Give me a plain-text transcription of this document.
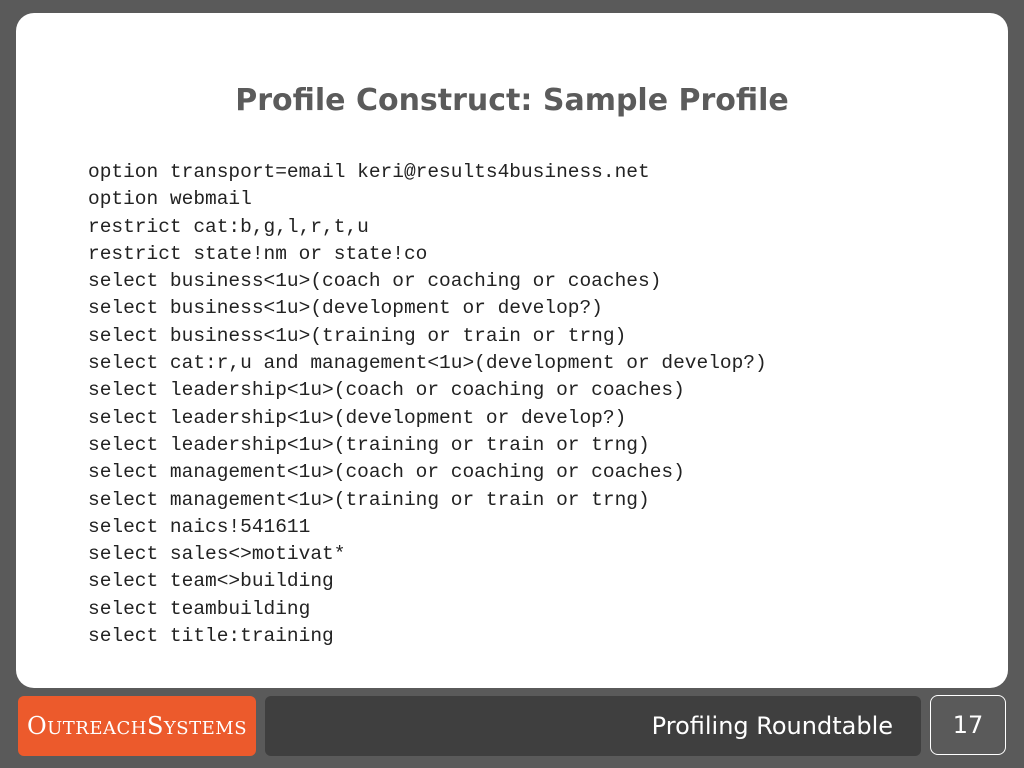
Profile Construct: Sample Profile
option transport=email keri@results4business.net
option webmail
restrict cat:b,g,l,r,t,u
restrict state!nm or state!co
select business<1u>(coach or coaching or coaches)
select business<1u>(development or develop?)
select business<1u>(training or train or trng)
select cat:r,u and management<1u>(development or develop?)
select leadership<1u>(coach or coaching or coaches)
select leadership<1u>(development or develop?)
select leadership<1u>(training or train or trng)
select management<1u>(coach or coaching or coaches)
select management<1u>(training or train or trng)
select naics!541611
select sales<>motivat*
select team<>building
select teambuilding
select title:training
OUTREACHSYSTEMS	Profiling Roundtable 17
